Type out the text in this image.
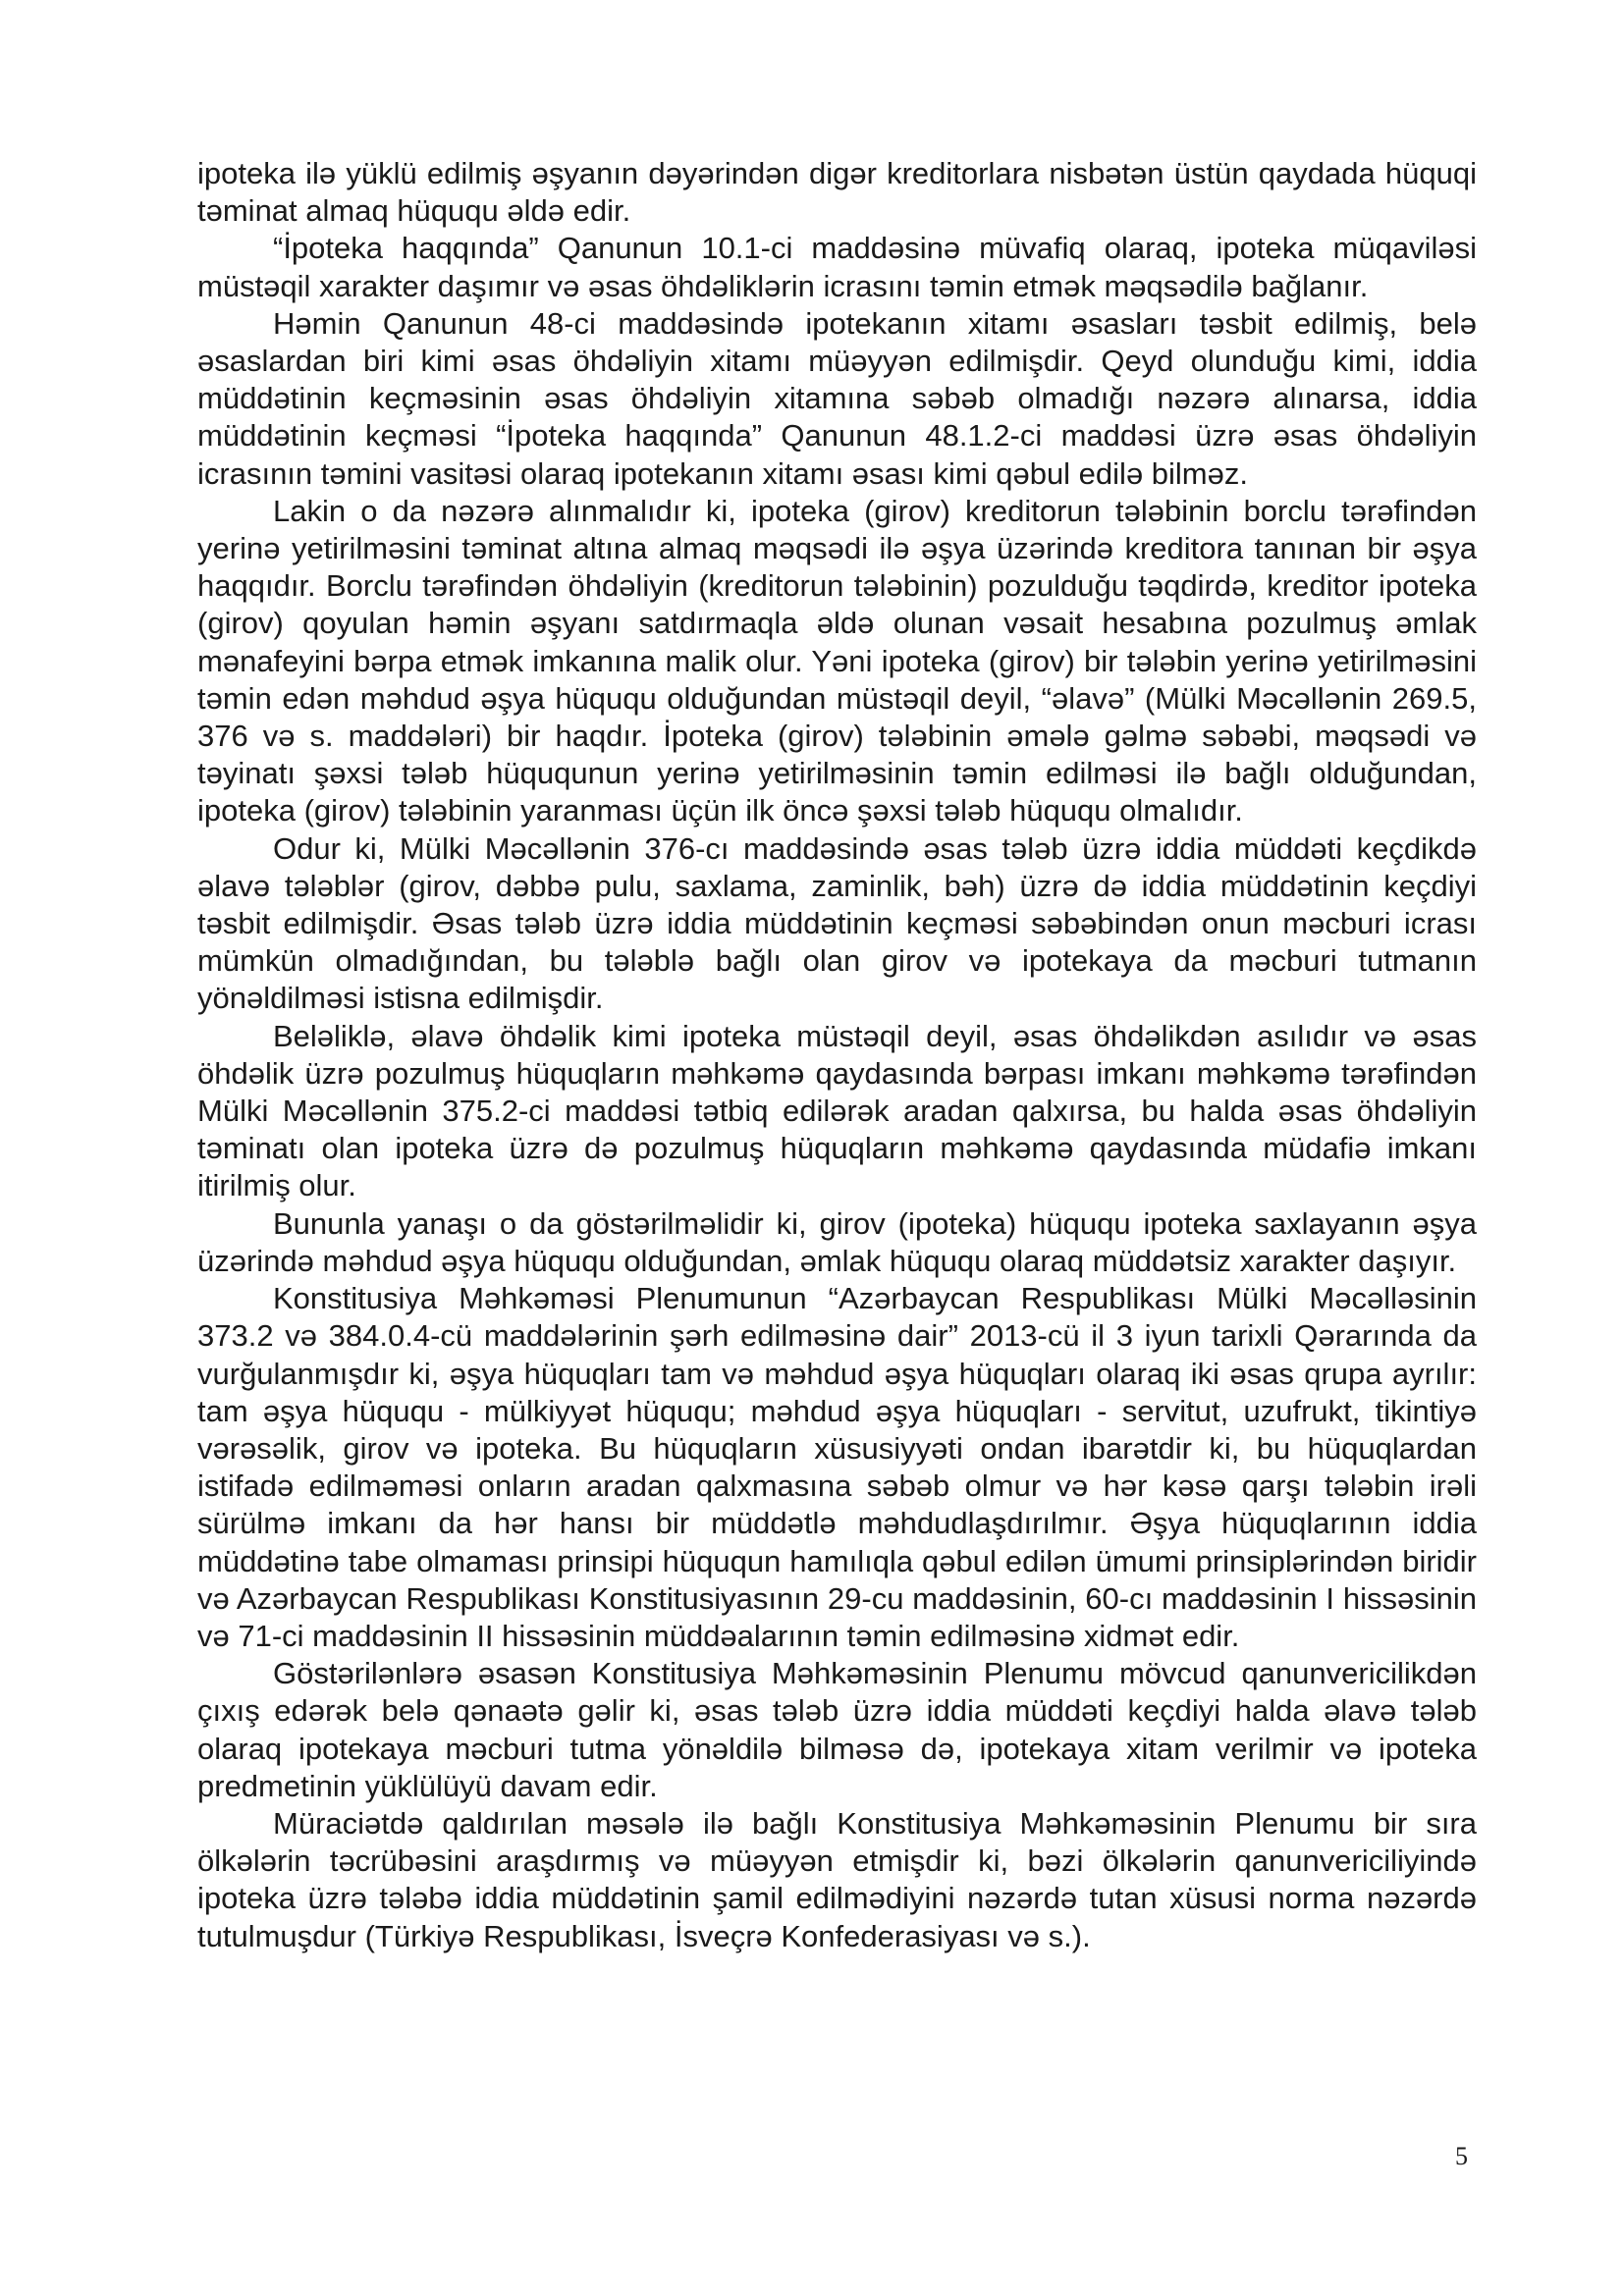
ipoteka ilə yüklü edilmiş əşyanın dəyərindən digər kreditorlara nisbətən üstün qaydada hüquqi təminat almaq hüququ əldə edir.

“İpoteka haqqında” Qanunun 10.1-ci maddəsinə müvafiq olaraq, ipoteka müqaviləsi müstəqil xarakter daşımır və əsas öhdəliklərin icrasını təmin etmək məqsədilə bağlanır.

Həmin Qanunun 48-ci maddəsində ipotekanın xitamı əsasları təsbit edilmiş, belə əsaslardan biri kimi əsas öhdəliyin xitamı müəyyən edilmişdir. Qeyd olunduğu kimi, iddia müddətinin keçməsinin əsas öhdəliyin xitamına səbəb olmadığı nəzərə alınarsa, iddia müddətinin keçməsi “İpoteka haqqında” Qanunun 48.1.2-ci maddəsi üzrə əsas öhdəliyin icrasının təmini vasitəsi olaraq ipotekanın xitamı əsası kimi qəbul edilə bilməz.

Lakin o da nəzərə alınmalıdır ki, ipoteka (girov) kreditorun tələbinin borclu tərəfindən yerinə yetirilməsini təminat altına almaq məqsədi ilə əşya üzərində kreditora tanınan bir əşya haqqıdır. Borclu tərəfindən öhdəliyin (kreditorun tələbinin) pozulduğu təqdirdə, kreditor ipoteka (girov) qoyulan həmin əşyanı satdırmaqla əldə olunan vəsait hesabına pozulmuş əmlak mənafeyini bərpa etmək imkanına malik olur. Yəni ipoteka (girov) bir tələbin yerinə yetirilməsini təmin edən məhdud əşya hüququ olduğundan müstəqil deyil, “əlavə” (Mülki Məcəllənin 269.5, 376 və s. maddələri) bir haqdır. İpoteka (girov) tələbinin əmələ gəlmə səbəbi, məqsədi və təyinatı şəxsi tələb hüququnun yerinə yetirilməsinin təmin edilməsi ilə bağlı olduğundan, ipoteka (girov) tələbinin yaranması üçün ilk öncə şəxsi tələb hüququ olmalıdır.

Odur ki, Mülki Məcəllənin 376-cı maddəsində əsas tələb üzrə iddia müddəti keçdikdə əlavə tələblər (girov, dəbbə pulu, saxlama, zaminlik, bəh) üzrə də iddia müddətinin keçdiyi təsbit edilmişdir. Əsas tələb üzrə iddia müddətinin keçməsi səbəbindən onun məcburi icrası mümkün olmadığından, bu tələblə bağlı olan girov və ipotekaya da məcburi tutmanın yönəldilməsi istisna edilmişdir.

Beləliklə, əlavə öhdəlik kimi ipoteka müstəqil deyil, əsas öhdəlikdən asılıdır və əsas öhdəlik üzrə pozulmuş hüquqların məhkəmə qaydasında bərpası imkanı məhkəmə tərəfindən Mülki Məcəllənin 375.2-ci maddəsi tətbiq edilərək aradan qalxırsa, bu halda əsas öhdəliyin təminatı olan ipoteka üzrə də pozulmuş hüquqların məhkəmə qaydasında müdafiə imkanı itirilmiş olur.

Bununla yanaşı o da göstərilməlidir ki, girov (ipoteka) hüququ ipoteka saxlayanın əşya üzərində məhdud əşya hüququ olduğundan, əmlak hüququ olaraq müddətsiz xarakter daşıyır.

Konstitusiya Məhkəməsi Plenumunun “Azərbaycan Respublikası Mülki Məcəlləsinin 373.2 və 384.0.4-cü maddələrinin şərh edilməsinə dair” 2013-cü il 3 iyun tarixli Qərarında da vurğulanmışdır ki, əşya hüquqları tam və məhdud əşya hüquqları olaraq iki əsas qrupa ayrılır: tam əşya hüququ - mülkiyyət hüququ; məhdud əşya hüquqları - servitut, uzufrukt, tikintiyə vərəsəlik, girov və ipoteka. Bu hüquqların xüsusiyyəti ondan ibarətdir ki, bu hüquqlardan istifadə edilməməsi onların aradan qalxmasına səbəb olmur və hər kəsə qarşı tələbin irəli sürülmə imkanı da hər hansı bir müddətlə məhdudlaşdırılmır. Əşya hüquqlarının iddia müddətinə tabe olmaması prinsipi hüququn hamılıqla qəbul edilən ümumi prinsiplərindən biridir və Azərbaycan Respublikası Konstitusiyasının 29-cu maddəsinin, 60-cı maddəsinin I hissəsinin və 71-ci maddəsinin II hissəsinin müddəalarının təmin edilməsinə xidmət edir.

Göstərilənlərə əsasən Konstitusiya Məhkəməsinin Plenumu mövcud qanunvericilikdən çıxış edərək belə qənaətə gəlir ki, əsas tələb üzrə iddia müddəti keçdiyi halda əlavə tələb olaraq ipotekaya məcburi tutma yönəldilə bilməsə də, ipotekaya xitam verilmir və ipoteka predmetinin yüklülüyü davam edir.

Müraciətdə qaldırılan məsələ ilə bağlı Konstitusiya Məhkəməsinin Plenumu bir sıra ölkələrin təcrübəsini araşdırmış və müəyyən etmişdir ki, bəzi ölkələrin qanunvericiliyində ipoteka üzrə tələbə iddia müddətinin şamil edilmədiyini nəzərdə tutan xüsusi norma nəzərdə tutulmuşdur (Türkiyə Respublikası, İsveçrə Konfederasiyası və s.).

5
